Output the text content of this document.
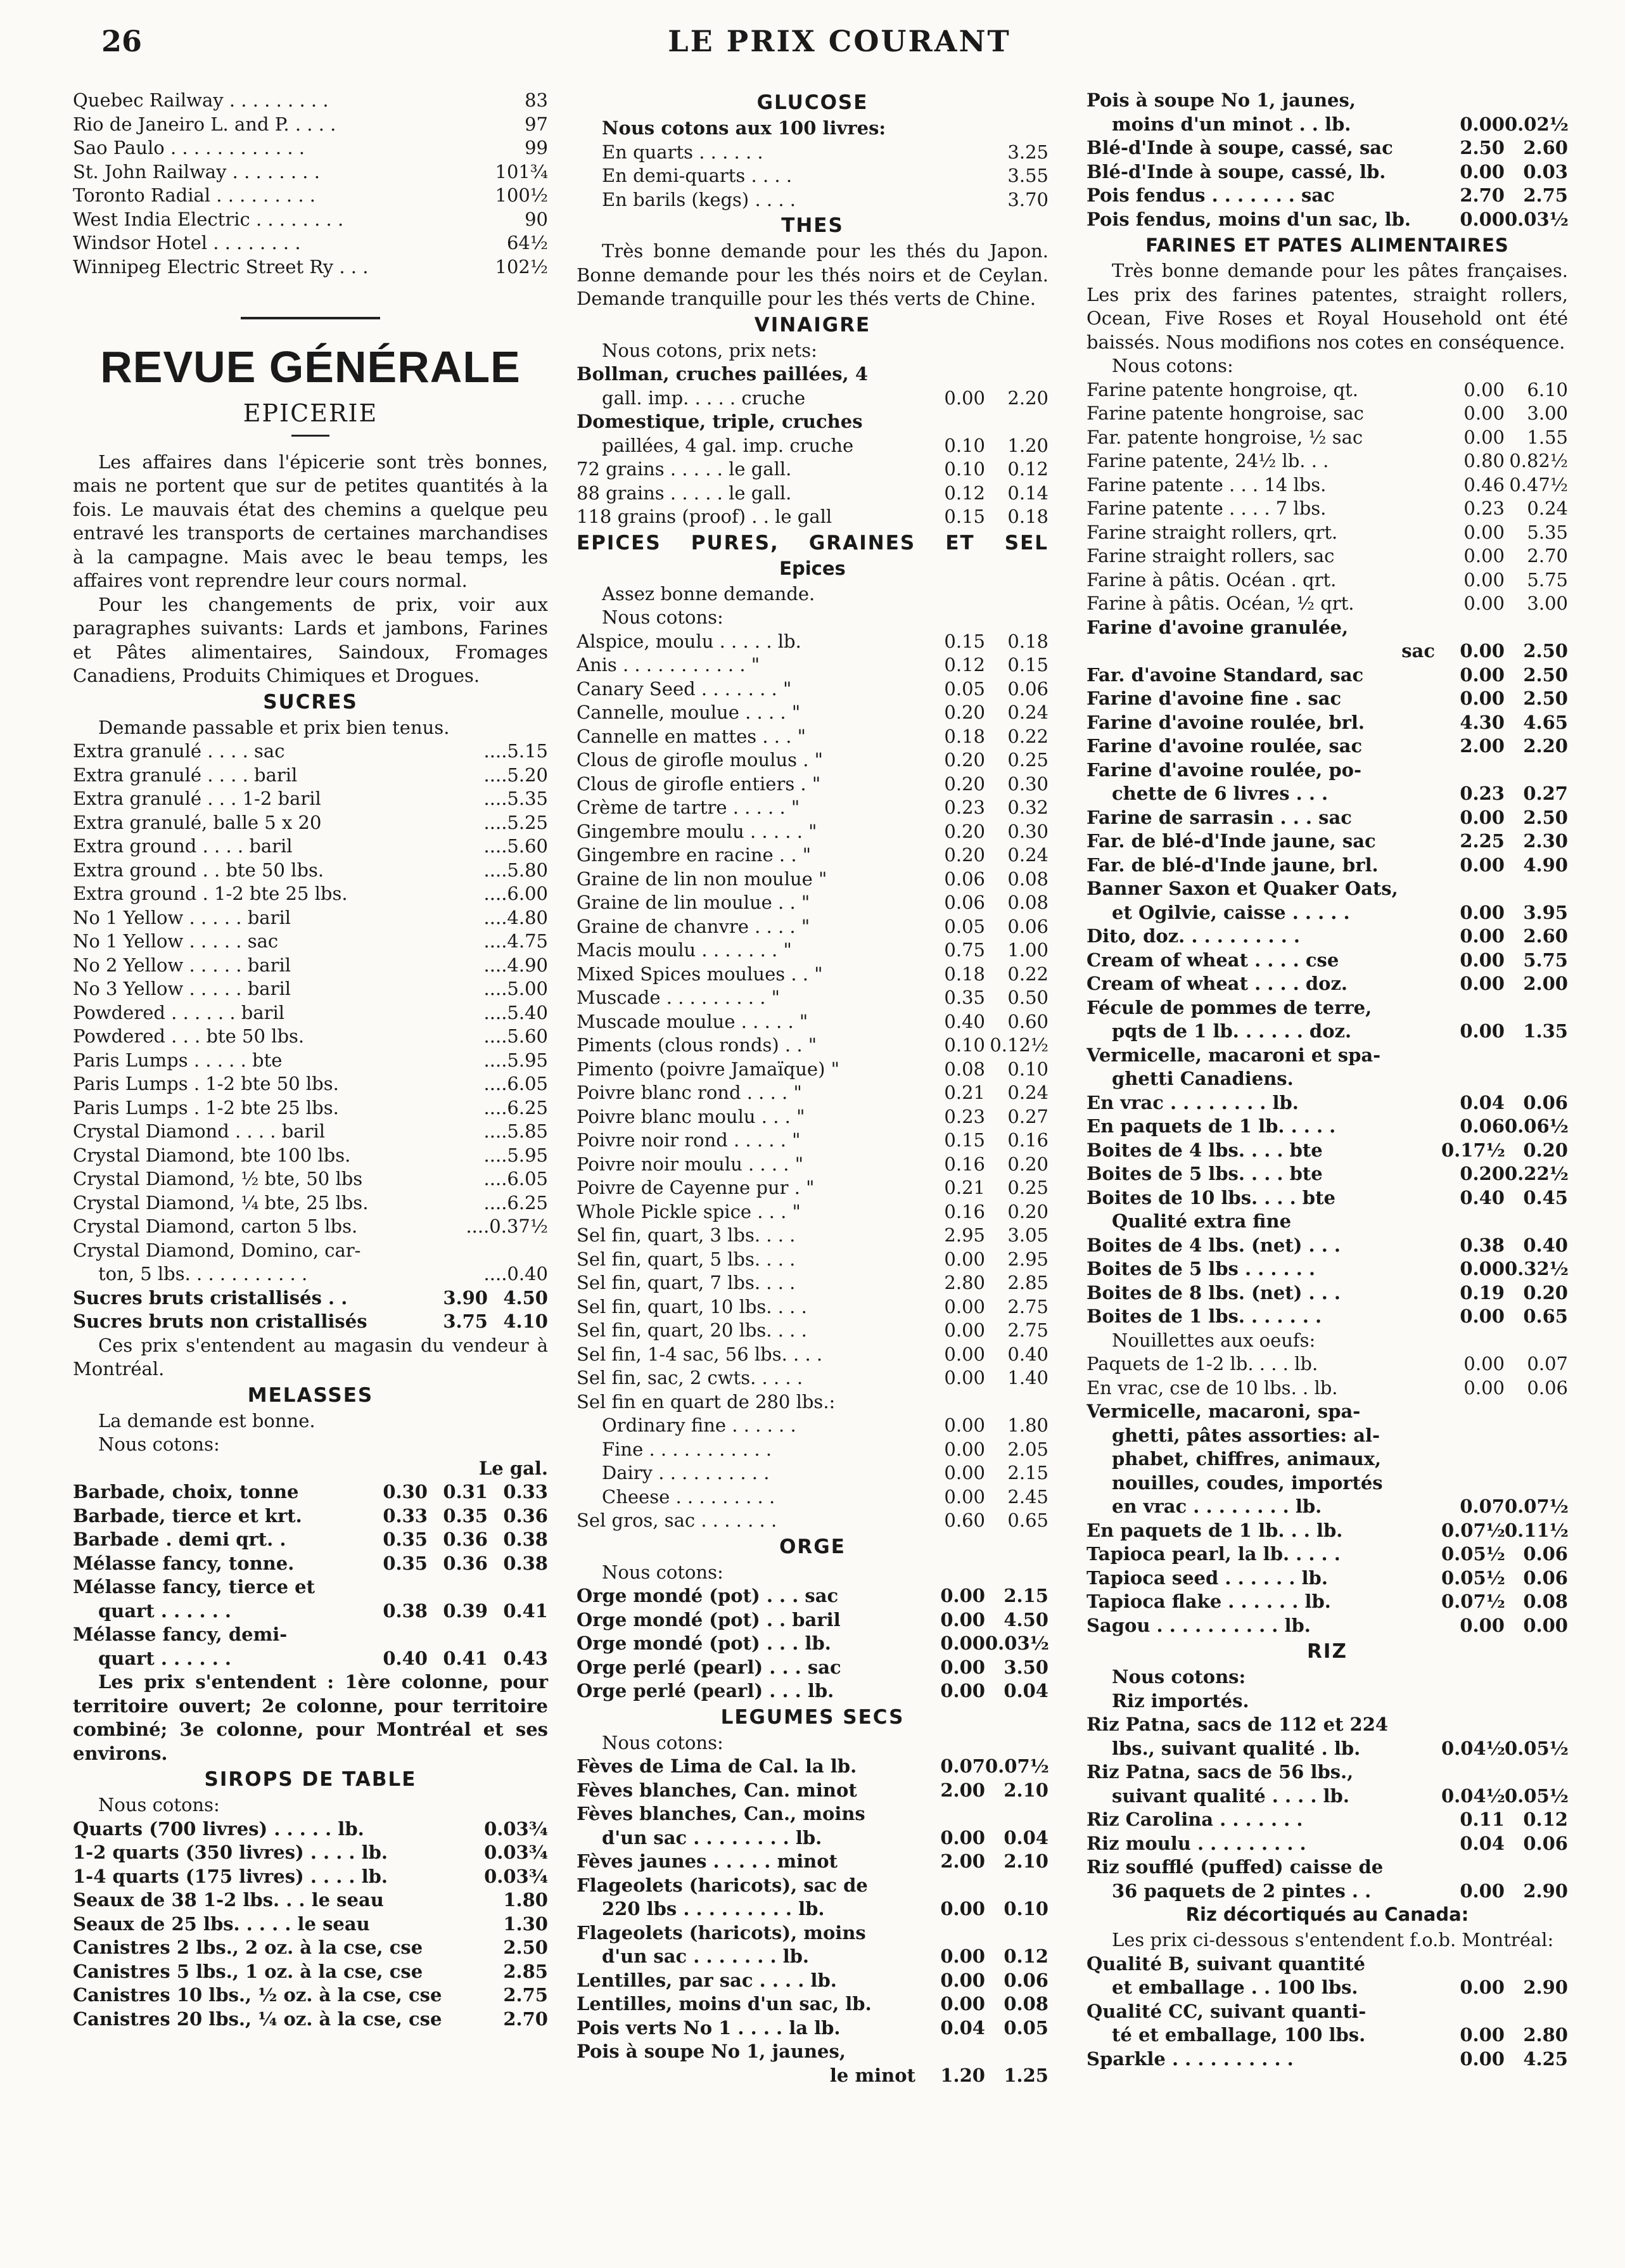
26	LE PRIX COURANT
Quebec Railway . . . . . . . . .	83
Rio de Janeiro L. and P. . . . .	97
Sao Paulo . . . . . . . . . . . .	99
St. John Railway . . . . . . . .	101¾
Toronto Radial . . . . . . . . .	100½
West India Electric . . . . . . . .	90
Windsor Hotel . . . . . . . .	64½
Winnipeg Electric Street Ry . . .	102½
REVUE GÉNÉRALE
EPICERIE

Les affaires dans l'épicerie sont très bonnes, mais ne portent que sur de petites quantités à la fois. Le mauvais état des chemins a quelque peu entravé les transports de certaines marchandises à la campagne. Mais avec le beau temps, les affaires vont reprendre leur cours normal.

Pour les changements de prix, voir aux paragraphes suivants: Lards et jambons, Farines et Pâtes alimentaires, Saindoux, Fromages Canadiens, Produits Chimiques et Drogues.

SUCRES
Demande passable et prix bien tenus.
Extra granulé . . . . sac	....5.15
Extra granulé . . . . baril	....5.20
Extra granulé . . . 1-2 baril	....5.35
Extra granulé, balle 5 x 20	....5.25
Extra ground . . . . baril	....5.60
Extra ground . . bte 50 lbs.	....5.80
Extra ground . 1-2 bte 25 lbs.	....6.00
No 1 Yellow . . . . . baril	....4.80
No 1 Yellow . . . . . sac	....4.75
No 2 Yellow . . . . . baril	....4.90
No 3 Yellow . . . . . baril	....5.00
Powdered . . . . . . baril	....5.40
Powdered . . . bte 50 lbs.	....5.60
Paris Lumps . . . . . bte	....5.95
Paris Lumps . 1-2 bte 50 lbs.	....6.05
Paris Lumps . 1-2 bte 25 lbs.	....6.25
Crystal Diamond . . . . baril	....5.85
Crystal Diamond, bte 100 lbs.	....5.95
Crystal Diamond, ½ bte, 50 lbs	....6.05
Crystal Diamond, ¼ bte, 25 lbs.	....6.25
Crystal Diamond, carton 5 lbs.	....0.37½
Crystal Diamond, Domino, car-
ton, 5 lbs. . . . . . . . . . .	....0.40
Sucres bruts cristallisés . .	3.90 4.50
Sucres bruts non cristallisés	3.75 4.10

Ces prix s'entendent au magasin du vendeur à Montréal.

MELASSES
La demande est bonne.
Nous cotons:
Le gal.
Barbade, choix, tonne	0.30 0.31 0.33
Barbade, tierce et krt.	0.33 0.35 0.36
Barbade . demi qrt. .	0.35 0.36 0.38
Mélasse fancy, tonne.	0.35 0.36 0.38
Mélasse fancy, tierce et
quart . . . . . .	0.38 0.39 0.41
Mélasse fancy, demi-
quart . . . . . .	0.40 0.41 0.43

Les prix s'entendent : 1ère colonne, pour territoire ouvert; 2e colonne, pour territoire combiné; 3e colonne, pour Montréal et ses environs.

SIROPS DE TABLE
Nous cotons:
Quarts (700 livres) . . . . . lb.	0.03¾
1-2 quarts (350 livres) . . . . lb.	0.03¾
1-4 quarts (175 livres) . . . . lb.	0.03¾
Seaux de 38 1-2 lbs. . . le seau	1.80
Seaux de 25 lbs. . . . . le seau	1.30
Canistres 2 lbs., 2 oz. à la cse, cse	2.50
Canistres 5 lbs., 1 oz. à la cse, cse	2.85
Canistres 10 lbs., ½ oz. à la cse, cse	2.75
Canistres 20 lbs., ¼ oz. à la cse, cse	2.70
GLUCOSE
Nous cotons aux 100 livres:
En quarts . . . . . .	3.25
En demi-quarts . . . .	3.55
En barils (kegs) . . . .	3.70
THES

Très bonne demande pour les thés du Japon. Bonne demande pour les thés noirs et de Ceylan. Demande tranquille pour les thés verts de Chine.

VINAIGRE
Nous cotons, prix nets:
Bollman, cruches paillées, 4
gall. imp. . . . . cruche	0.00	2.20
Domestique, triple, cruches
paillées, 4 gal. imp. cruche	0.10	1.20
72 grains . . . . . le gall.	0.10	0.12
88 grains . . . . . le gall.	0.12	0.14
118 grains (proof) . . le gall	0.15	0.18
EPICES PURES, GRAINES ET SEL
Epices
Assez bonne demande.
Nous cotons:
Alspice, moulu . . . . . lb.	0.15	0.18
Anis . . . . . . . . . . . "	0.12	0.15
Canary Seed . . . . . . . "	0.05	0.06
Cannelle, moulue . . . . "	0.20	0.24
Cannelle en mattes . . . "	0.18	0.22
Clous de girofle moulus . "	0.20	0.25
Clous de girofle entiers . "	0.20	0.30
Crème de tartre . . . . . "	0.23	0.32
Gingembre moulu . . . . . "	0.20	0.30
Gingembre en racine . . "	0.20	0.24
Graine de lin non moulue "	0.06	0.08
Graine de lin moulue . . "	0.06	0.08
Graine de chanvre . . . . "	0.05	0.06
Macis moulu . . . . . . . "	0.75	1.00
Mixed Spices moulues . . "	0.18	0.22
Muscade . . . . . . . . . "	0.35	0.50
Muscade moulue . . . . . "	0.40	0.60
Piments (clous ronds) . . "	0.10 0.12½
Pimento (poivre Jamaïque) "	0.08	0.10
Poivre blanc rond . . . . "	0.21	0.24
Poivre blanc moulu . . . "	0.23	0.27
Poivre noir rond . . . . . "	0.15	0.16
Poivre noir moulu . . . . "	0.16	0.20
Poivre de Cayenne pur . "	0.21	0.25
Whole Pickle spice . . . "	0.16	0.20
Sel fin, quart, 3 lbs. . . .	2.95	3.05
Sel fin, quart, 5 lbs. . . .	0.00	2.95
Sel fin, quart, 7 lbs. . . .	2.80	2.85
Sel fin, quart, 10 lbs. . . .	0.00	2.75
Sel fin, quart, 20 lbs. . . .	0.00	2.75
Sel fin, 1-4 sac, 56 lbs. . . .	0.00	0.40
Sel fin, sac, 2 cwts. . . . .	0.00	1.40
Sel fin en quart de 280 lbs.:
Ordinary fine . . . . . .	0.00	1.80
Fine . . . . . . . . . . .	0.00	2.05
Dairy . . . . . . . . . .	0.00	2.15
Cheese . . . . . . . . .	0.00	2.45
Sel gros, sac . . . . . . .	0.60	0.65
ORGE
Nous cotons:
Orge mondé (pot) . . . sac	0.00	2.15
Orge mondé (pot) . . baril	0.00	4.50
Orge mondé (pot) . . . lb.	0.00 0.03½
Orge perlé (pearl) . . . sac	0.00	3.50
Orge perlé (pearl) . . . lb.	0.00	0.04
LEGUMES SECS
Nous cotons:
Fèves de Lima de Cal. la lb.	0.07 0.07½
Fèves blanches, Can. minot	2.00	2.10
Fèves blanches, Can., moins
d'un sac . . . . . . . . lb.	0.00	0.04
Fèves jaunes . . . . . minot	2.00	2.10
Flageolets (haricots), sac de
220 lbs . . . . . . . . . lb.	0.00	0.10
Flageolets (haricots), moins
d'un sac . . . . . . . lb.	0.00	0.12
Lentilles, par sac . . . . lb.	0.00	0.06
Lentilles, moins d'un sac, lb.	0.00	0.08
Pois verts No 1 . . . . la lb.	0.04	0.05
Pois à soupe No 1, jaunes,
le minot	1.20	1.25
Pois à soupe No 1, jaunes,
moins d'un minot . . lb.	0.00 0.02½
Blé-d'Inde à soupe, cassé, sac	2.50	2.60
Blé-d'Inde à soupe, cassé, lb.	0.00	0.03
Pois fendus . . . . . . . sac	2.70	2.75
Pois fendus, moins d'un sac, lb.	0.00 0.03½
FARINES ET PATES ALIMENTAIRES

Très bonne demande pour les pâtes françaises. Les prix des farines patentes, straight rollers, Ocean, Five Roses et Royal Household ont été baissés. Nous modifions nos cotes en conséquence.

Nous cotons:
Farine patente hongroise, qt.	0.00	6.10
Farine patente hongroise, sac	0.00	3.00
Far. patente hongroise, ½ sac	0.00	1.55
Farine patente, 24½ lb. . .	0.80 0.82½
Farine patente . . . 14 lbs.	0.46 0.47½
Farine patente . . . . 7 lbs.	0.23	0.24
Farine straight rollers, qrt.	0.00	5.35
Farine straight rollers, sac	0.00	2.70
Farine à pâtis. Océan . qrt.	0.00	5.75
Farine à pâtis. Océan, ½ qrt.	0.00	3.00
Farine d'avoine granulée,
sac	0.00	2.50
Far. d'avoine Standard, sac	0.00	2.50
Farine d'avoine fine . sac	0.00	2.50
Farine d'avoine roulée, brl.	4.30	4.65
Farine d'avoine roulée, sac	2.00	2.20
Farine d'avoine roulée, po-
chette de 6 livres . . .	0.23	0.27
Farine de sarrasin . . . sac	0.00	2.50
Far. de blé-d'Inde jaune, sac	2.25	2.30
Far. de blé-d'Inde jaune, brl.	0.00	4.90
Banner Saxon et Quaker Oats,
et Ogilvie, caisse . . . . .	0.00	3.95
Dito, doz. . . . . . . . . .	0.00	2.60
Cream of wheat . . . . cse	0.00	5.75
Cream of wheat . . . . doz.	0.00	2.00
Fécule de pommes de terre,
pqts de 1 lb. . . . . . doz.	0.00	1.35
Vermicelle, macaroni et spa-
ghetti Canadiens.
En vrac . . . . . . . . lb.	0.04	0.06
En paquets de 1 lb. . . . .	0.06 0.06½
Boites de 4 lbs. . . . bte	0.17½ 0.20
Boites de 5 lbs. . . . bte	0.20 0.22½
Boites de 10 lbs. . . . bte	0.40	0.45
Qualité extra fine
Boites de 4 lbs. (net) . . .	0.38	0.40
Boites de 5 lbs . . . . . .	0.00 0.32½
Boites de 8 lbs. (net) . . .	0.19	0.20
Boites de 1 lbs. . . . . . .	0.00	0.65
Nouillettes aux oeufs:
Paquets de 1-2 lb. . . . lb.	0.00	0.07
En vrac, cse de 10 lbs. . lb.	0.00	0.06
Vermicelle, macaroni, spa-
ghetti, pâtes assorties: al-
phabet, chiffres, animaux,
nouilles, coudes, importés
en vrac . . . . . . . . lb.	0.07 0.07½
En paquets de 1 lb. . . lb.	0.07½ 0.11½
Tapioca pearl, la lb. . . . .	0.05½ 0.06
Tapioca seed . . . . . . lb.	0.05½ 0.06
Tapioca flake . . . . . . lb.	0.07½ 0.08
Sagou . . . . . . . . . . lb.	0.00	0.00
RIZ
Nous cotons:
Riz importés.
Riz Patna, sacs de 112 et 224
lbs., suivant qualité . lb.	0.04½ 0.05½
Riz Patna, sacs de 56 lbs.,
suivant qualité . . . . lb.	0.04½ 0.05½
Riz Carolina . . . . . . .	0.11	0.12
Riz moulu . . . . . . . . .	0.04	0.06
Riz soufflé (puffed) caisse de
36 paquets de 2 pintes . .	0.00	2.90
Riz décortiqués au Canada:

Les prix ci-dessous s'entendent f.o.b. Montréal:

Qualité B, suivant quantité
et emballage . . 100 lbs.	0.00	2.90
Qualité CC, suivant quanti-
té et emballage, 100 lbs.	0.00	2.80
Sparkle . . . . . . . . . .	0.00	4.25
